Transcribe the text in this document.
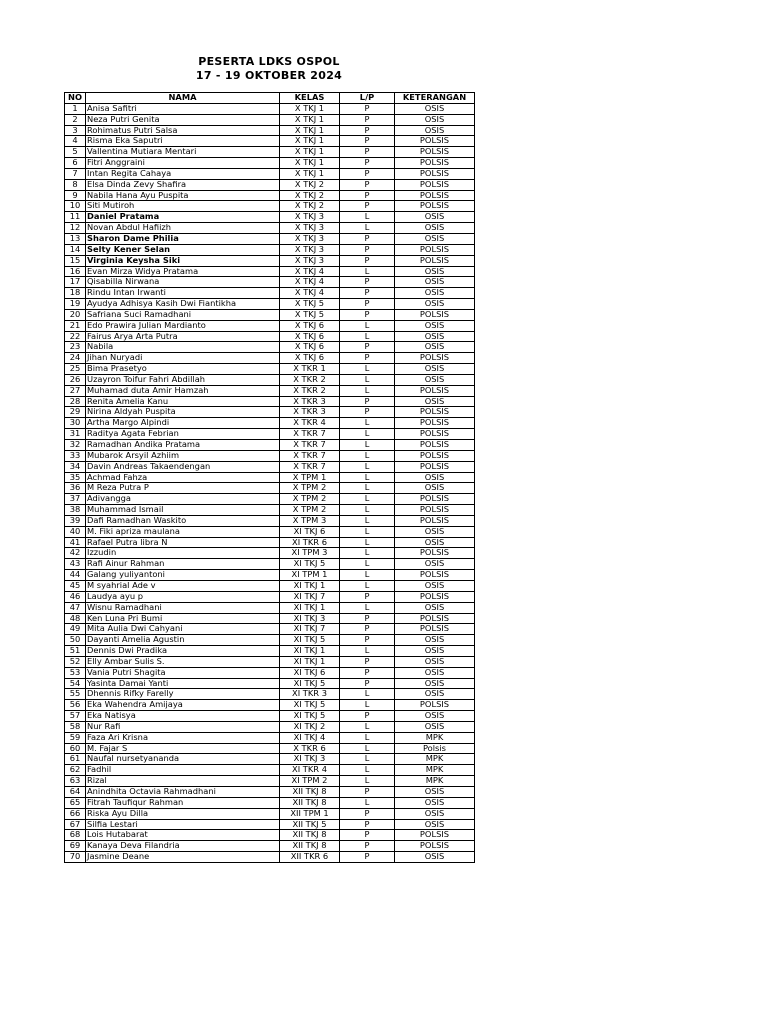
PESERTA LDKS OSPOL
17 - 19 OKTOBER 2024
NO	NAMA	KELAS	L/P	KETERANGAN
1	Anisa Safitri	X TKJ 1	P	OSIS
2	Neza Putri Genita	X TKJ 1	P	OSIS
3	Rohimatus Putri Salsa	X TKJ 1	P	OSIS
4	Risma Eka Saputri	X TKJ 1	P	POLSIS
5	Vallentina Mutiara Mentari	X TKJ 1	P	POLSIS
6	Fitri Anggraini	X TKJ 1	P	POLSIS
7	Intan Regita Cahaya	X TKJ 1	P	POLSIS
8	Elsa Dinda Zevy Shafira	X TKJ 2	P	POLSIS
9	Nabila Hana Ayu Puspita	X TKJ 2	P	POLSIS
10	Siti Mutiroh	X TKJ 2	P	POLSIS
11	Daniel Pratama	X TKJ 3	L	OSIS
12	Novan Abdul Hafiizh	X TKJ 3	L	OSIS
13	Sharon Dame Philia	X TKJ 3	P	OSIS
14	Selty Kener Selan	X TKJ 3	P	POLSIS
15	Virginia Keysha Siki	X TKJ 3	P	POLSIS
16	Evan Mirza Widya Pratama	X TKJ 4	L	OSIS
17	Qisabilla Nirwana	X TKJ 4	P	OSIS
18	Rindu Intan Irwanti	X TKJ 4	P	OSIS
19	Ayudya Adhisya Kasih Dwi Fiantikha	X TKJ 5	P	OSIS
20	Safriana Suci Ramadhani	X TKJ 5	P	POLSIS
21	Edo Prawira Julian Mardianto	X TKJ 6	L	OSIS
22	Fairus Arya Arta Putra	X TKJ 6	L	OSIS
23	Nabila	X TKJ 6	P	OSIS
24	Jihan Nuryadi	X TKJ 6	P	POLSIS
25	Bima Prasetyo	X TKR 1	L	OSIS
26	Uzayron Toifur Fahri Abdillah	X TKR 2	L	OSIS
27	Muhamad duta Amir Hamzah	X TKR 2	L	POLSIS
28	Renita Amelia Kanu	X TKR 3	P	OSIS
29	Nirina Aldyah Puspita	X TKR 3	P	POLSIS
30	Artha Margo Alpindi	X TKR 4	L	POLSIS
31	Raditya Agata Febrian	X TKR 7	L	POLSIS
32	Ramadhan Andika Pratama	X TKR 7	L	POLSIS
33	Mubarok Arsyil Azhiim	X TKR 7	L	POLSIS
34	Davin Andreas Takaendengan	X TKR 7	L	POLSIS
35	Achmad Fahza	X TPM 1	L	OSIS
36	M Reza Putra P	X TPM 2	L	OSIS
37	Adivangga	X TPM 2	L	POLSIS
38	Muhammad Ismail	X TPM 2	L	POLSIS
39	Dafi Ramadhan Waskito	X TPM 3	L	POLSIS
40	M. Fiki apriza maulana	XI TKJ 6	L	OSIS
41	Rafael Putra libra N	XI TKR 6	L	OSIS
42	Izzudin	XI TPM 3	L	POLSIS
43	Rafi Ainur Rahman	XI TKJ 5	L	OSIS
44	Galang yuliyantoni	XI TPM 1	L	POLSIS
45	M syahrial Ade v	XI TKJ 1	L	OSIS
46	Laudya ayu p	XI TKJ 7	P	POLSIS
47	Wisnu Ramadhani	XI TKJ 1	L	OSIS
48	Ken Luna Pri Bumi	XI TKJ 3	P	POLSIS
49	Mita Aulia Dwi Cahyani	XI TKJ 7	P	POLSIS
50	Dayanti Amelia Agustin	XI TKJ 5	P	OSIS
51	Dennis Dwi Pradika	XI TKJ 1	L	OSIS
52	Elly Ambar Sulis S.	XI TKJ 1	P	OSIS
53	Vania Putri Shagita	XI TKJ 6	P	OSIS
54	Yasinta Damai Yanti	XI TKJ 5	P	OSIS
55	Dhennis Rifky Farelly	XI TKR 3	L	OSIS
56	Eka Wahendra Amijaya	XI TKJ 5	L	POLSIS
57	Eka Natisya	XI TKJ 5	P	OSIS
58	Nur Rafi	XI TKJ 2	L	OSIS
59	Faza Ari Krisna	XI TKJ 4	L	MPK
60	M. Fajar S	X TKR 6	L	Polsis
61	Naufal nursetyananda	XI TKJ 3	L	MPK
62	Fadhil	XI TKR 4	L	MPK
63	Rizal	XI TPM 2	L	MPK
64	Anindhita Octavia Rahmadhani	XII TKJ 8	P	OSIS
65	Fitrah Taufiqur Rahman	XII TKJ 8	L	OSIS
66	Riska Ayu Dilla	XII TPM 1	P	OSIS
67	Silfia Lestari	XII TKJ 5	P	OSIS
68	Lois Hutabarat	XII TKJ 8	P	POLSIS
69	Kanaya Deva Filandria	XII TKJ 8	P	POLSIS
70	Jasmine Deane	XII TKR 6	P	OSIS
